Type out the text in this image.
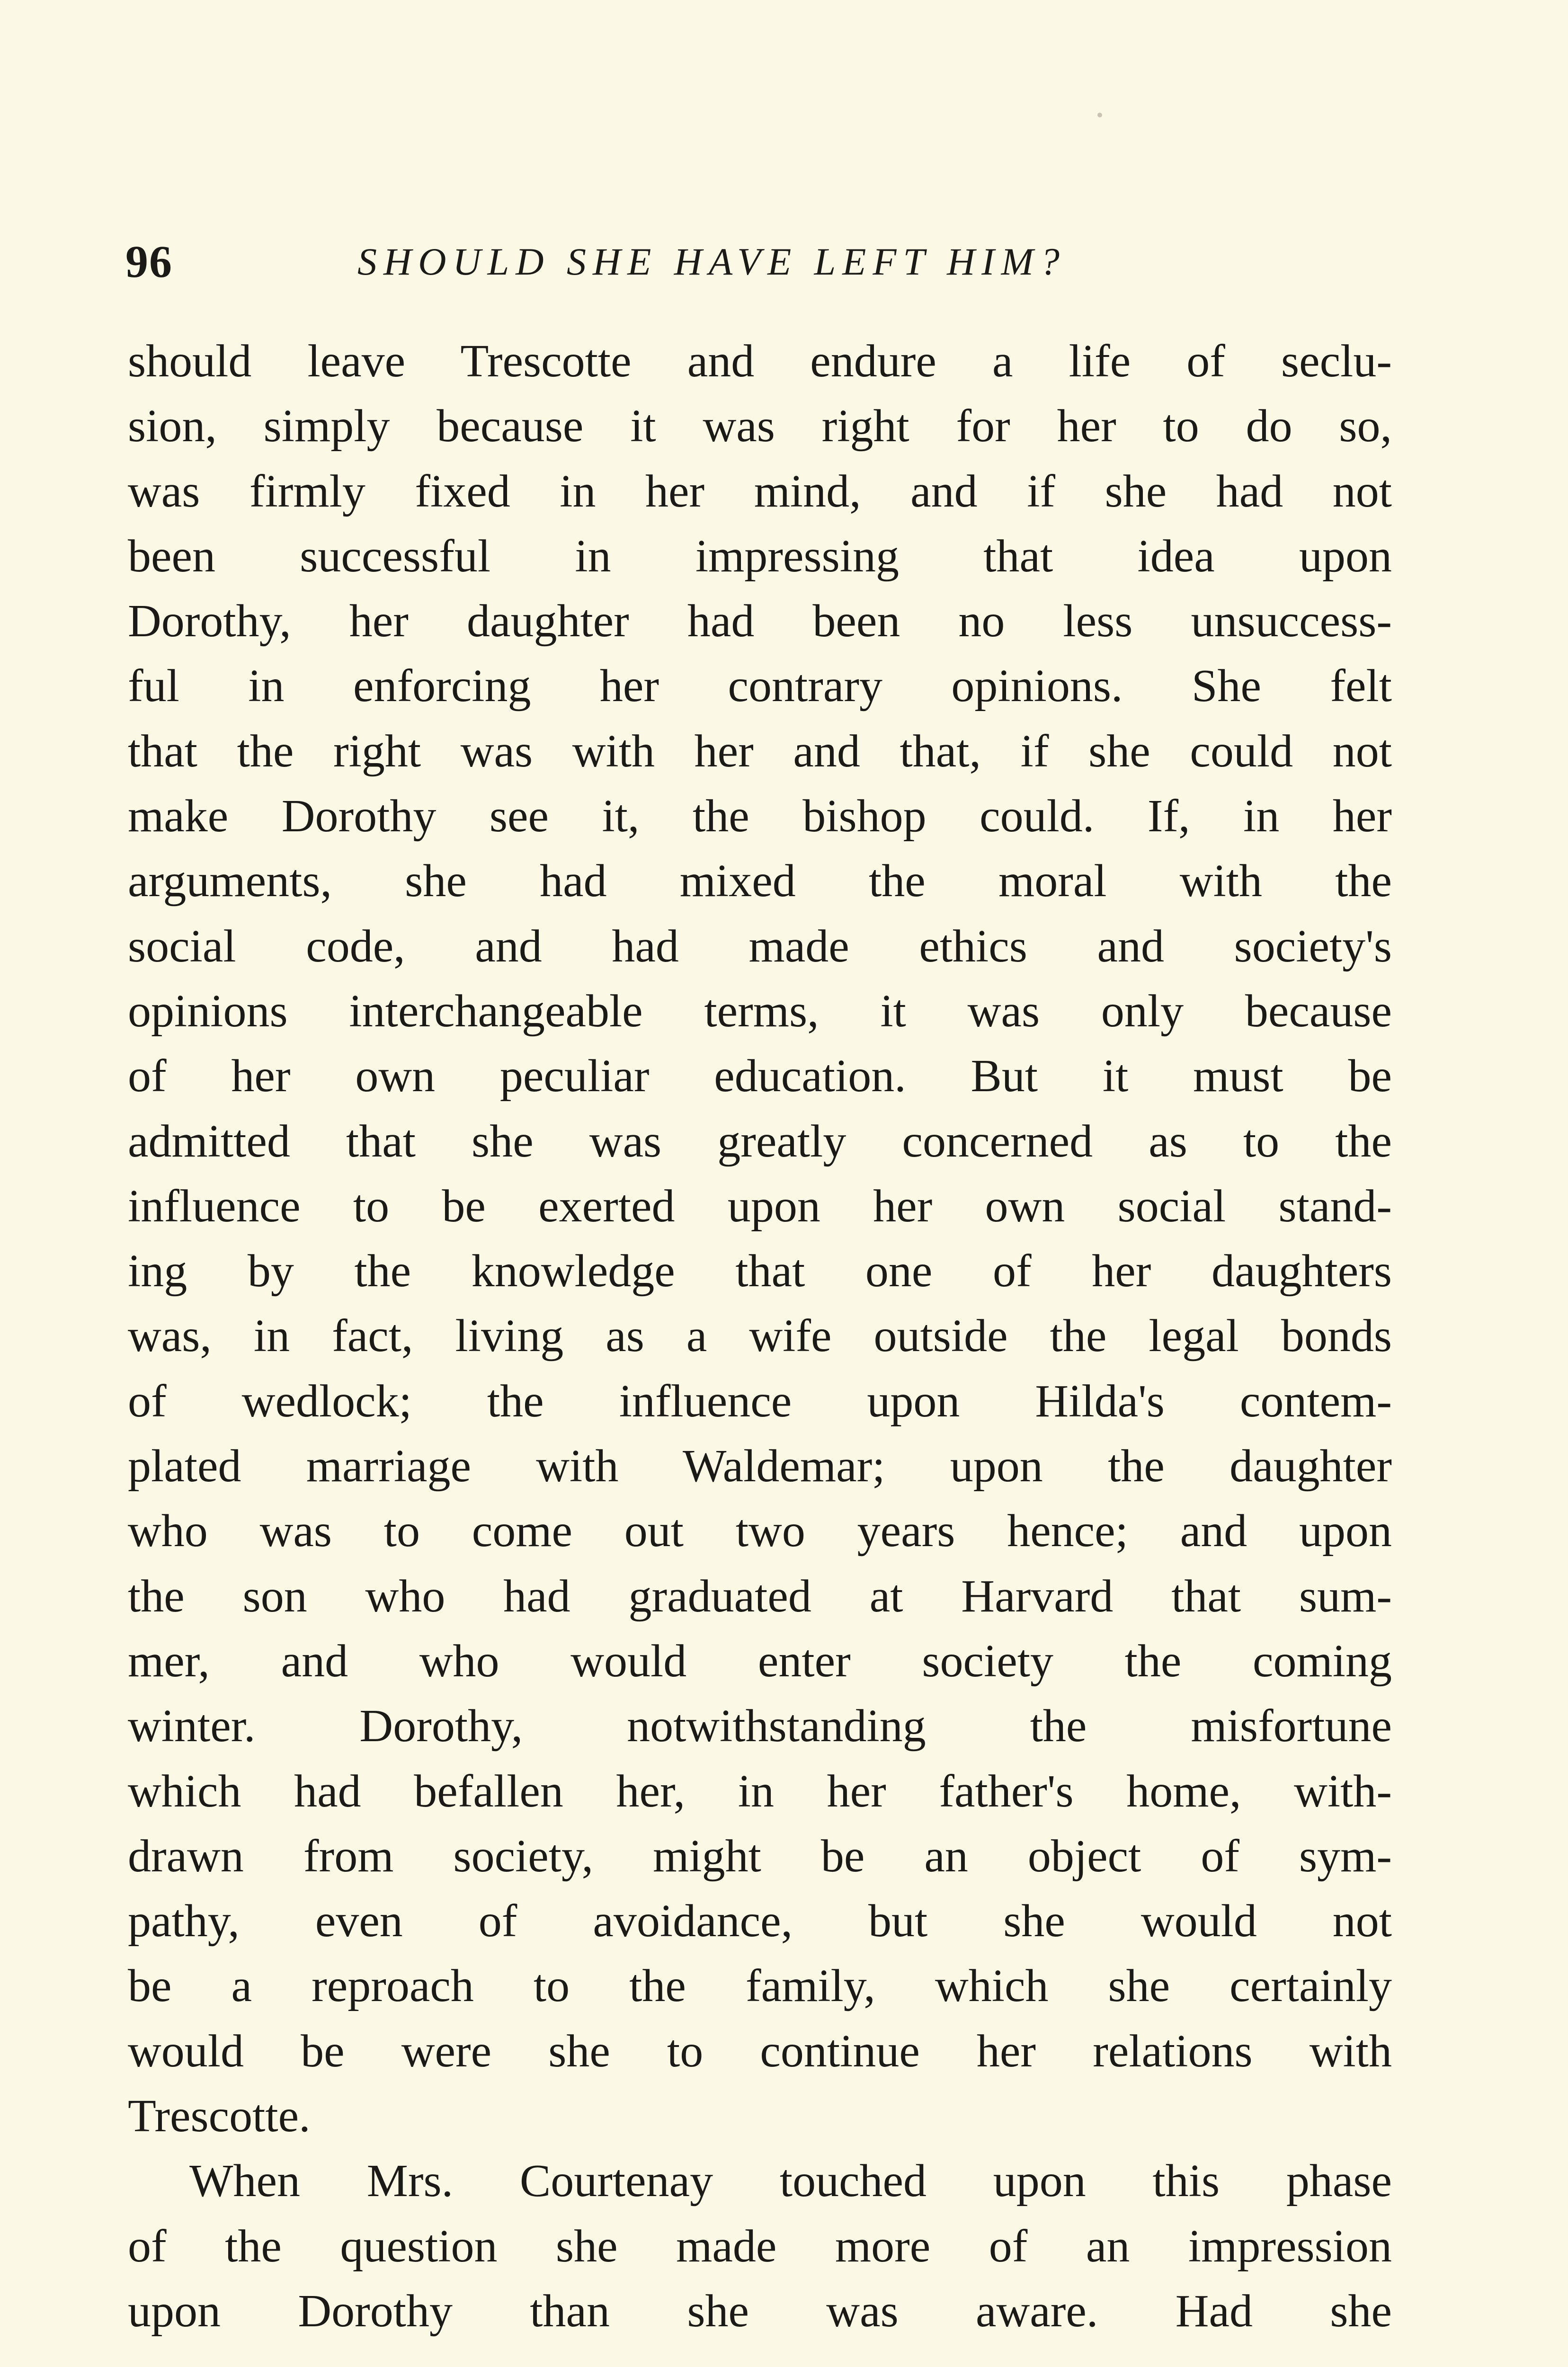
96	SHOULD SHE HAVE LEFT HIM?
should leave Trescotte and endure a life of seclu-
sion, simply because it was right for her to do so,
was firmly fixed in her mind, and if she had not
been successful in impressing that idea upon
Dorothy, her daughter had been no less unsuccess-
ful in enforcing her contrary opinions. She felt
that the right was with her and that, if she could not
make Dorothy see it, the bishop could. If, in her
arguments, she had mixed the moral with the
social code, and had made ethics and society's
opinions interchangeable terms, it was only because
of her own peculiar education. But it must be
admitted that she was greatly concerned as to the
influence to be exerted upon her own social stand-
ing by the knowledge that one of her daughters
was, in fact, living as a wife outside the legal bonds
of wedlock; the influence upon Hilda's contem-
plated marriage with Waldemar; upon the daughter
who was to come out two years hence; and upon
the son who had graduated at Harvard that sum-
mer, and who would enter society the coming
winter. Dorothy, notwithstanding the misfortune
which had befallen her, in her father's home, with-
drawn from society, might be an object of sym-
pathy, even of avoidance, but she would not
be a reproach to the family, which she certainly
would be were she to continue her relations with
Trescotte.
When Mrs. Courtenay touched upon this phase
of the question she made more of an impression
upon Dorothy than she was aware. Had she
